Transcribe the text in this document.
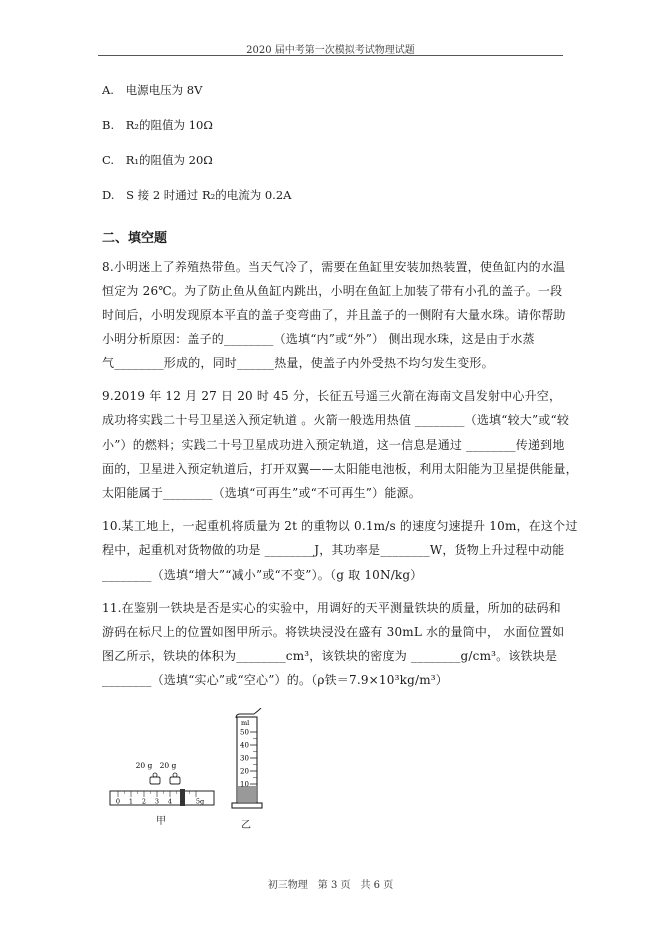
2020 届中考第一次模拟考试物理试题
A. 电源电压为 8V
B. R₂的阻值为 10Ω
C. R₁的阻值为 20Ω
D. S 接 2 时通过 R₂的电流为 0.2A
二、填空题
8.小明迷上了养殖热带鱼。当天气冷了，需要在鱼缸里安装加热装置，使鱼缸内的水温
恒定为 26℃。为了防止鱼从鱼缸内跳出，小明在鱼缸上加装了带有小孔的盖子。一段
时间后，小明发现原本平直的盖子变弯曲了，并且盖子的一侧附有大量水珠。请你帮助
小明分析原因：盖子的________（选填“内”或“外”） 侧出现水珠，这是由于水蒸
气________形成的，同时______热量，使盖子内外受热不均匀发生变形。
9.2019 年 12 月 27 日 20 时 45 分，长征五号遥三火箭在海南文昌发射中心升空，
成功将实践二十号卫星送入预定轨道 。火箭一般选用热值 ________（选填“较大”或“较
小”）的燃料；实践二十号卫星成功进入预定轨道，这一信息是通过 ________传递到地
面的，卫星进入预定轨道后，打开双翼——太阳能电池板，利用太阳能为卫星提供能量，
太阳能属于________（选填“可再生”或“不可再生”）能源。
10.某工地上，一起重机将质量为 2t 的重物以 0.1m/s 的速度匀速提升 10m，在这个过
程中，起重机对货物做的功是 ________J，其功率是________W，货物上升过程中动能
________（选填“增大”“减小”或“不变”）。（g 取 10N/kg）
11.在鉴别一铁块是否是实心的实验中，用调好的天平测量铁块的质量，所加的砝码和
游码在标尺上的位置如图甲所示。将铁块浸没在盛有 30mL 水的量筒中， 水面位置如
图乙所示，铁块的体积为________cm³，该铁块的密度为 ________g/cm³。该铁块是
________（选填“实心”或“空心”）的。（ρ铁＝7.9×10³kg/m³）
20 g 20 g
0 1 2 3 4	5g
甲
ml
50
40
30
20
10
乙
初三物理　第 3 页　共 6 页
